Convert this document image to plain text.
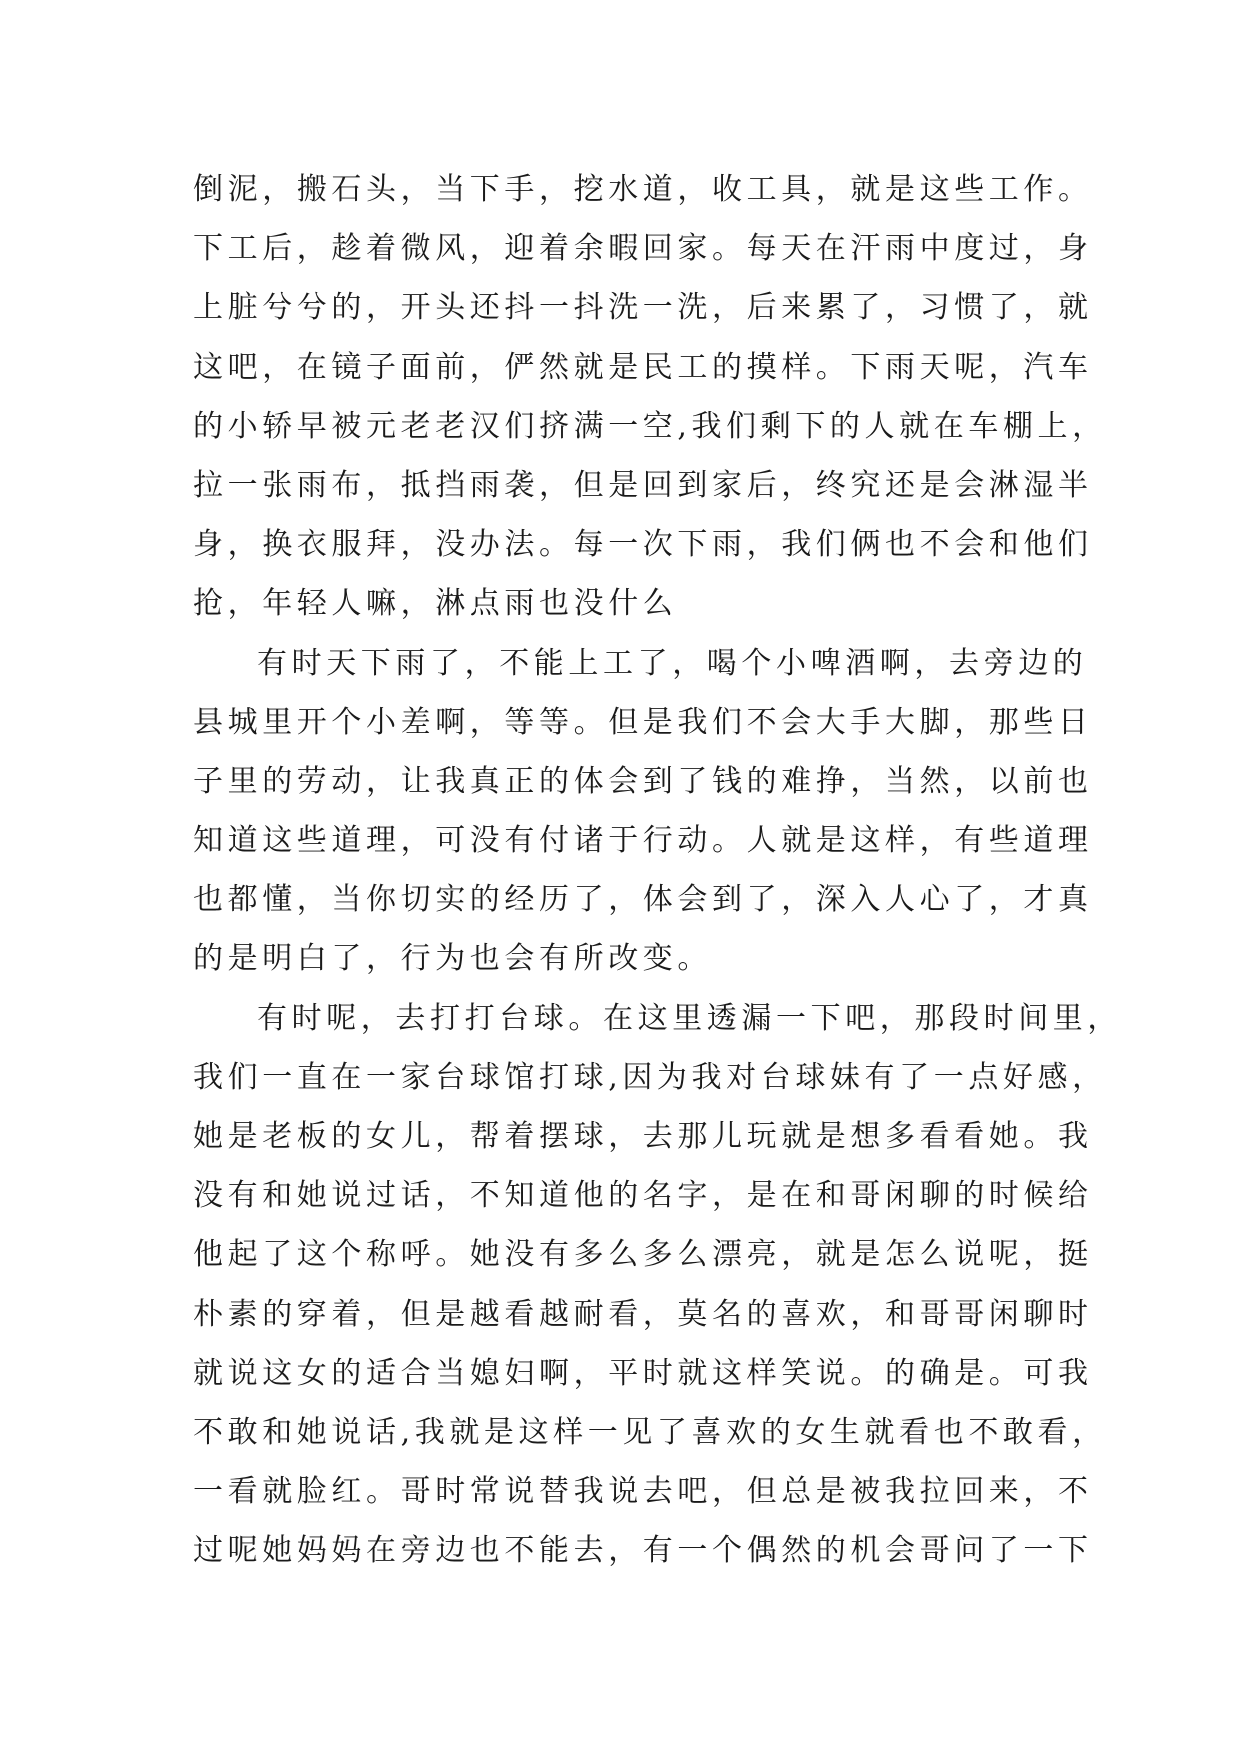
倒泥，搬石头，当下手，挖水道，收工具，就是这些工作。
下工后，趁着微风，迎着余暇回家。每天在汗雨中度过，身
上脏兮兮的，开头还抖一抖洗一洗，后来累了，习惯了，就
这吧，在镜子面前，俨然就是民工的摸样。下雨天呢，汽车
的小轿早被元老老汉们挤满一空,我们剩下的人就在车棚上，
拉一张雨布，抵挡雨袭，但是回到家后，终究还是会淋湿半
身，换衣服拜，没办法。每一次下雨，我们俩也不会和他们
抢，年轻人嘛，淋点雨也没什么
有时天下雨了，不能上工了，喝个小啤酒啊，去旁边的
县城里开个小差啊，等等。但是我们不会大手大脚，那些日
子里的劳动，让我真正的体会到了钱的难挣，当然，以前也
知道这些道理，可没有付诸于行动。人就是这样，有些道理
也都懂，当你切实的经历了，体会到了，深入人心了，才真
的是明白了，行为也会有所改变。
有时呢，去打打台球。在这里透漏一下吧，那段时间里，
我们一直在一家台球馆打球,因为我对台球妹有了一点好感，
她是老板的女儿，帮着摆球，去那儿玩就是想多看看她。我
没有和她说过话，不知道他的名字，是在和哥闲聊的时候给
他起了这个称呼。她没有多么多么漂亮，就是怎么说呢，挺
朴素的穿着，但是越看越耐看，莫名的喜欢，和哥哥闲聊时
就说这女的适合当媳妇啊，平时就这样笑说。的确是。可我
不敢和她说话,我就是这样一见了喜欢的女生就看也不敢看，
一看就脸红。哥时常说替我说去吧，但总是被我拉回来，不
过呢她妈妈在旁边也不能去，有一个偶然的机会哥问了一下
